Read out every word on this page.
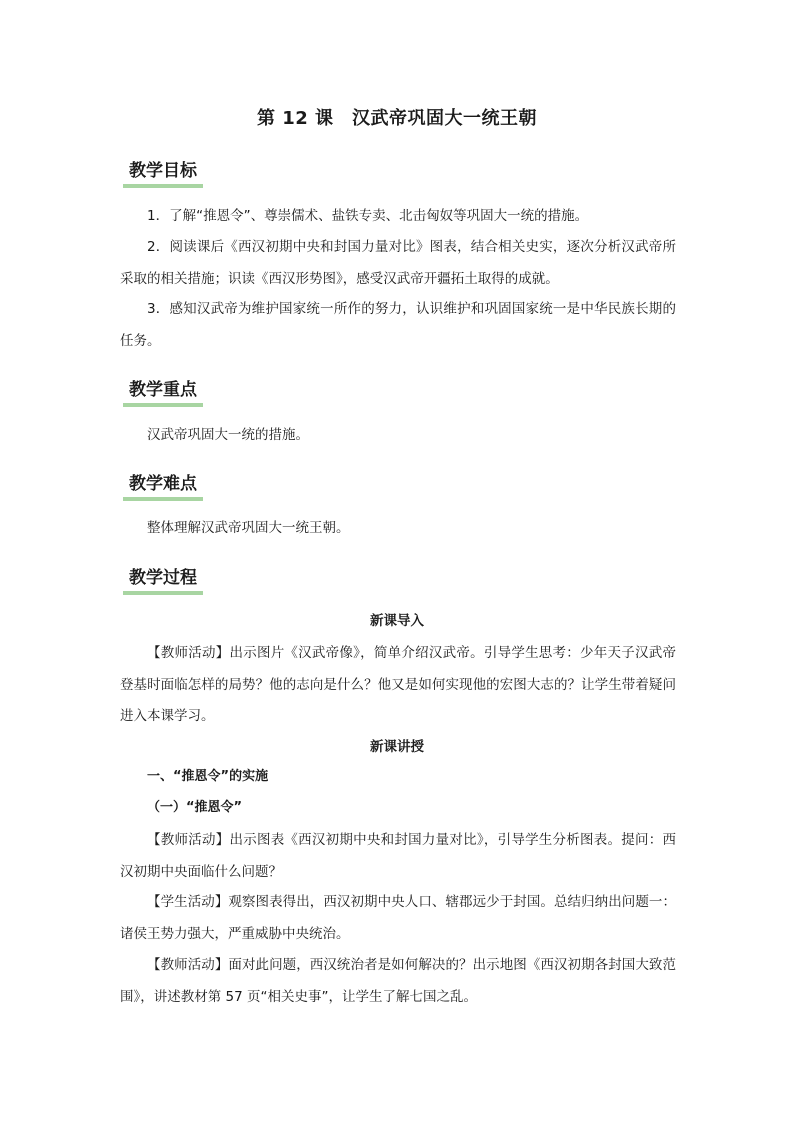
第 12 课　汉武帝巩固大一统王朝
教学目标

1．了解“推恩令”、尊崇儒术、盐铁专卖、北击匈奴等巩固大一统的措施。

2．阅读课后《西汉初期中央和封国力量对比》图表，结合相关史实，逐次分析汉武帝所采取的相关措施；识读《西汉形势图》，感受汉武帝开疆拓土取得的成就。

3．感知汉武帝为维护国家统一所作的努力，认识维护和巩固国家统一是中华民族长期的任务。

教学重点

汉武帝巩固大一统的措施。

教学难点

整体理解汉武帝巩固大一统王朝。

教学过程
新课导入

【教师活动】出示图片《汉武帝像》，简单介绍汉武帝。引导学生思考：少年天子汉武帝登基时面临怎样的局势？他的志向是什么？他又是如何实现他的宏图大志的？让学生带着疑问进入本课学习。

新课讲授
一、“推恩令”的实施
（一）“推恩令”

【教师活动】出示图表《西汉初期中央和封国力量对比》，引导学生分析图表。提问：西汉初期中央面临什么问题？

【学生活动】观察图表得出，西汉初期中央人口、辖郡远少于封国。总结归纳出问题一：诸侯王势力强大，严重威胁中央统治。

【教师活动】面对此问题，西汉统治者是如何解决的？出示地图《西汉初期各封国大致范围》，讲述教材第 57 页“相关史事”，让学生了解七国之乱。
